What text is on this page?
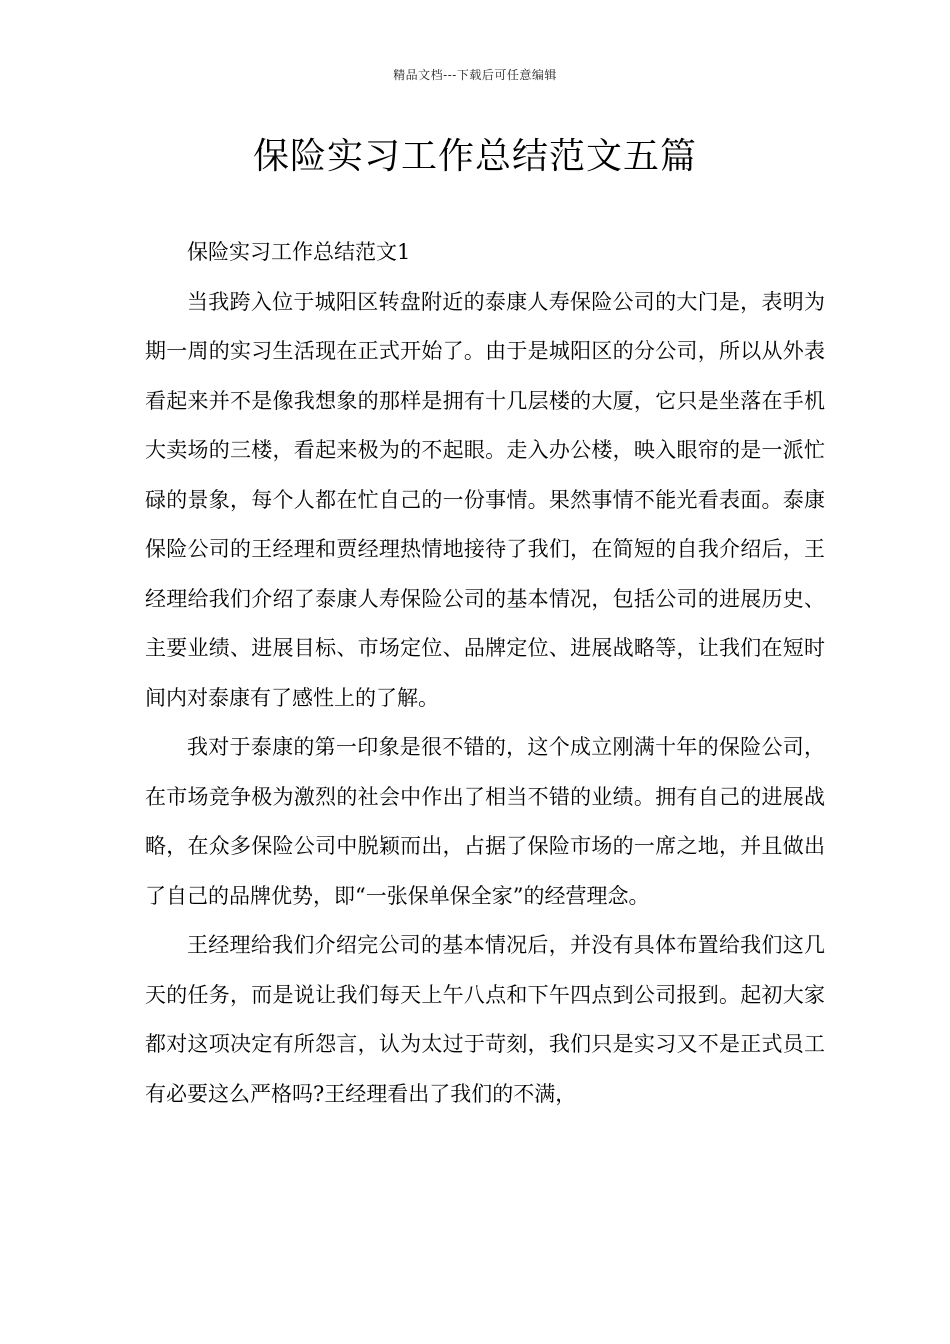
精品文档---下载后可任意编辑
保险实习工作总结范文五篇

保险实习工作总结范文1

当我跨入位于城阳区转盘附近的泰康人寿保险公司的大门是，表明为期一周的实习生活现在正式开始了。由于是城阳区的分公司，所以从外表看起来并不是像我想象的那样是拥有十几层楼的大厦，它只是坐落在手机大卖场的三楼，看起来极为的不起眼。走入办公楼，映入眼帘的是一派忙碌的景象，每个人都在忙自己的一份事情。果然事情不能光看表面。泰康保险公司的王经理和贾经理热情地接待了我们，在简短的自我介绍后，王经理给我们介绍了泰康人寿保险公司的基本情况，包括公司的进展历史、主要业绩、进展目标、市场定位、品牌定位、进展战略等，让我们在短时间内对泰康有了感性上的了解。

我对于泰康的第一印象是很不错的，这个成立刚满十年的保险公司，在市场竞争极为激烈的社会中作出了相当不错的业绩。拥有自己的进展战略，在众多保险公司中脱颖而出，占据了保险市场的一席之地，并且做出了自己的品牌优势，即“一张保单保全家”的经营理念。

王经理给我们介绍完公司的基本情况后，并没有具体布置给我们这几天的任务，而是说让我们每天上午八点和下午四点到公司报到。起初大家都对这项决定有所怨言，认为太过于苛刻，我们只是实习又不是正式员工有必要这么严格吗?王经理看出了我们的不满，
